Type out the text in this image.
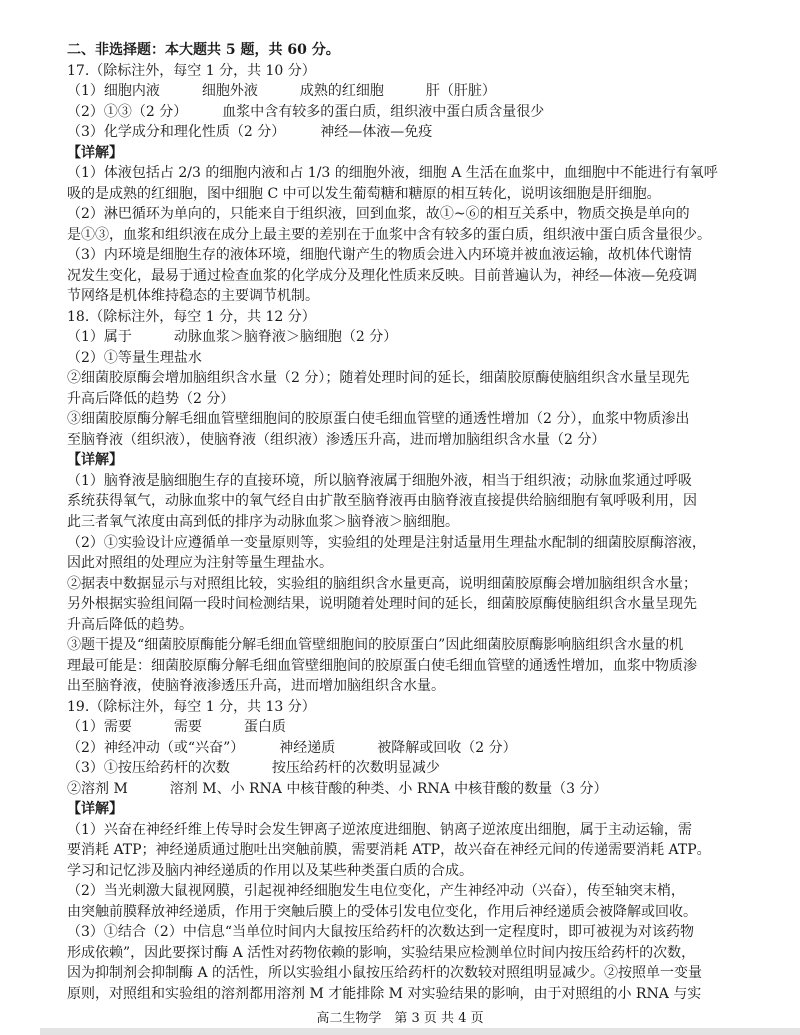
二、非选择题：本大题共 5 题，共 60 分。
17.（除标注外，每空 1 分，共 10 分）
（1）细胞内液　　　细胞外液　　　成熟的红细胞　　　肝（肝脏）
（2）①③（2 分）　　　血浆中含有较多的蛋白质，组织液中蛋白质含量很少
（3）化学成分和理化性质（2 分）　　　神经—体液—免疫
【详解】
（1）体液包括占 2/3 的细胞内液和占 1/3 的细胞外液，细胞 A 生活在血浆中，血细胞中不能进行有氧呼
吸的是成熟的红细胞，图中细胞 C 中可以发生葡萄糖和糖原的相互转化，说明该细胞是肝细胞。
（2）淋巴循环为单向的，只能来自于组织液，回到血浆，故①~⑥的相互关系中，物质交换是单向的
是①③，血浆和组织液在成分上最主要的差别在于血浆中含有较多的蛋白质，组织液中蛋白质含量很少。
（3）内环境是细胞生存的液体环境，细胞代谢产生的物质会进入内环境并被血液运输，故机体代谢情
况发生变化，最易于通过检查血浆的化学成分及理化性质来反映。目前普遍认为，神经—体液—免疫调
节网络是机体维持稳态的主要调节机制。
18.（除标注外，每空 1 分，共 12 分）
（1）属于　　　动脉血浆＞脑脊液＞脑细胞（2 分）
（2）①等量生理盐水
②细菌胶原酶会增加脑组织含水量（2 分）；随着处理时间的延长，细菌胶原酶使脑组织含水量呈现先
升高后降低的趋势（2 分）
③细菌胶原酶分解毛细血管壁细胞间的胶原蛋白使毛细血管壁的通透性增加（2 分），血浆中物质渗出
至脑脊液（组织液），使脑脊液（组织液）渗透压升高，进而增加脑组织含水量（2 分）
【详解】
（1）脑脊液是脑细胞生存的直接环境，所以脑脊液属于细胞外液，相当于组织液；动脉血浆通过呼吸
系统获得氧气，动脉血浆中的氧气经自由扩散至脑脊液再由脑脊液直接提供给脑细胞有氧呼吸利用，因
此三者氧气浓度由高到低的排序为动脉血浆＞脑脊液＞脑细胞。
（2）①实验设计应遵循单一变量原则等，实验组的处理是注射适量用生理盐水配制的细菌胶原酶溶液，
因此对照组的处理应为注射等量生理盐水。
②据表中数据显示与对照组比较，实验组的脑组织含水量更高，说明细菌胶原酶会增加脑组织含水量；
另外根据实验组间隔一段时间检测结果，说明随着处理时间的延长，细菌胶原酶使脑组织含水量呈现先
升高后降低的趋势。
③题干提及“细菌胶原酶能分解毛细血管壁细胞间的胶原蛋白”因此细菌胶原酶影响脑组织含水量的机
理最可能是：细菌胶原酶分解毛细血管壁细胞间的胶原蛋白使毛细血管壁的通透性增加，血浆中物质渗
出至脑脊液，使脑脊液渗透压升高，进而增加脑组织含水量。
19.（除标注外，每空 1 分，共 13 分）
（1）需要　　　需要　　　蛋白质
（2）神经冲动（或“兴奋”）　　　神经递质　　　被降解或回收（2 分）
（3）①按压给药杆的次数　　　按压给药杆的次数明显减少
②溶剂 M　　　溶剂 M、小 RNA 中核苷酸的种类、小 RNA 中核苷酸的数量（3 分）
【详解】
（1）兴奋在神经纤维上传导时会发生钾离子逆浓度进细胞、钠离子逆浓度出细胞，属于主动运输，需
要消耗 ATP；神经递质通过胞吐出突触前膜，需要消耗 ATP，故兴奋在神经元间的传递需要消耗 ATP。
学习和记忆涉及脑内神经递质的作用以及某些种类蛋白质的合成。
（2）当光刺激大鼠视网膜，引起视神经细胞发生电位变化，产生神经冲动（兴奋），传至轴突末梢，
由突触前膜释放神经递质，作用于突触后膜上的受体引发电位变化，作用后神经递质会被降解或回收。
（3）①结合（2）中信息“当单位时间内大鼠按压给药杆的次数达到一定程度时，即可被视为对该药物
形成依赖”，因此要探讨酶 A 活性对药物依赖的影响，实验结果应检测单位时间内按压给药杆的次数，
因为抑制剂会抑制酶 A 的活性，所以实验组小鼠按压给药杆的次数较对照组明显减少。②按照单一变量
原则，对照组和实验组的溶剂都用溶剂 M 才能排除 M 对实验结果的影响，由于对照组的小 RNA 与实
高二生物学　第 3 页 共 4 页
